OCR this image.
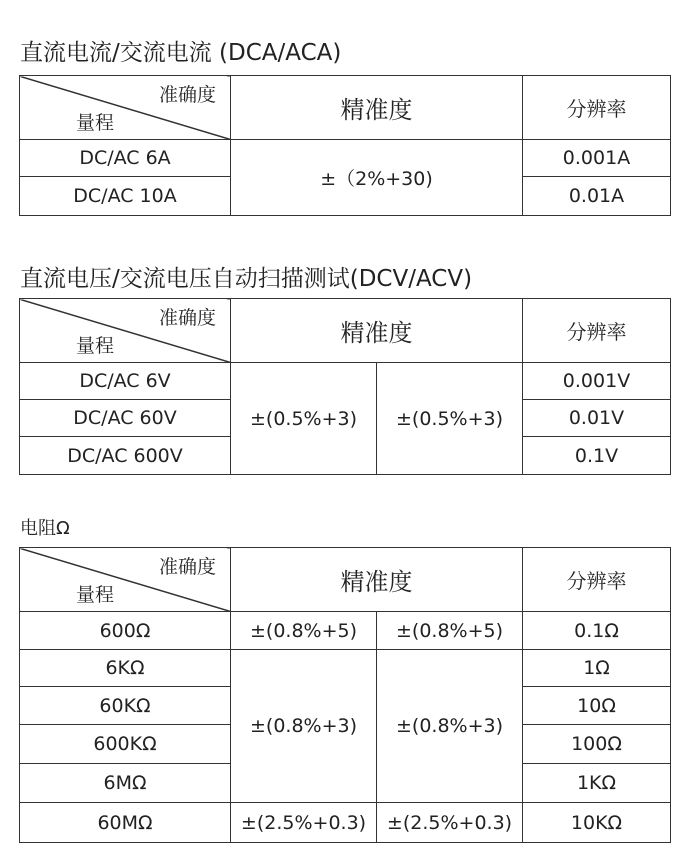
直流电流/交流电流 (DCA/ACA)
准确度
量程	精准度	分辨率
DC/AC 6A	±（2%+30)	0.001A
DC/AC 10A		0.01A
直流电压/交流电压自动扫描测试(DCV/ACV)
准确度
量程	精准度		分辨率
DC/AC 6V	±(0.5%+3)	±(0.5%+3)	0.001V
DC/AC 60V			0.01V
DC/AC 600V			0.1V
电阻Ω
准确度
量程	精准度		分辨率
600Ω	±(0.8%+5)	±(0.8%+5)	0.1Ω
6KΩ	±(0.8%+3)	±(0.8%+3)	1Ω
60KΩ			10Ω
600KΩ			100Ω
6MΩ			1KΩ
60MΩ	±(2.5%+0.3)	±(2.5%+0.3)	10KΩ
